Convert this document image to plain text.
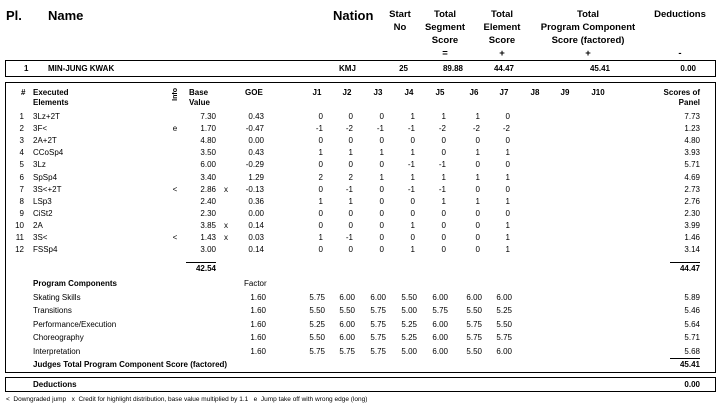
Pl. Name	Nation	Start
No
Total
Segment
Score
=
Total
Element
Score
+
Total
Program Component
Score (factored)
+
Deductions
-
1 MIN-JUNG KWAK	KMJ	25	89.88	44.47	45.41	0.00
# Executed
Elements
Info Base
Value
GOE	J1	J2	J3	J4	J5	J6	J7	J8	J9	J10	Scores of
Panel
1 3Lz+2T	7.30	0.43	0	0	0	1	1	1	0	7.73
2 3F<	e	1.70	-0.47	-1	-2	-1	-1	-2	-2	-2	1.23
3 2A+2T	4.80	0.00	0	0	0	0	0	0	0	4.80
4 CCoSp4	3.50	0.43	1	1	1	1	0	1	1	3.93
5 3Lz	6.00	-0.29	0	0	0	-1	-1	0	0	5.71
6 SpSp4	3.40	1.29	2	2	1	1	1	1	1	4.69
7 3S<+2T	<	2.86 x	-0.13	0	-1	0	-1	-1	0	0	2.73
8 LSp3	2.40	0.36	1	1	0	0	1	1	1	2.76
9 CiSt2	2.30	0.00	0	0	0	0	0	0	0	2.30
10 2A	3.85 x	0.14	0	0	0	1	0	0	1	3.99
11 3S<	<	1.43 x	0.03	1	-1	0	0	0	0	1	1.46
12 FSSp4	3.00	0.14	0	0	0	1	0	0	1	3.14
42.54	44.47
Program Components	Factor
Skating Skills	1.60	5.75	6.00	6.00	5.50	6.00	6.00	6.00	5.89
Transitions	1.60	5.50	5.50	5.75	5.00	5.75	5.50	5.25	5.46
Performance/Execution	1.60	5.25	6.00	5.75	5.25	6.00	5.75	5.50	5.64
Choreography	1.60	5.50	6.00	5.75	5.25	6.00	5.75	5.75	5.71
Interpretation	1.60	5.75	5.75	5.75	5.00	6.00	5.50	6.00	5.68
Judges Total Program Component Score (factored)	45.41
Deductions	0.00
<  Downgraded jump   x  Credit for highlight distribution, base value multiplied by 1.1   e  Jump take off with wrong edge (long)
